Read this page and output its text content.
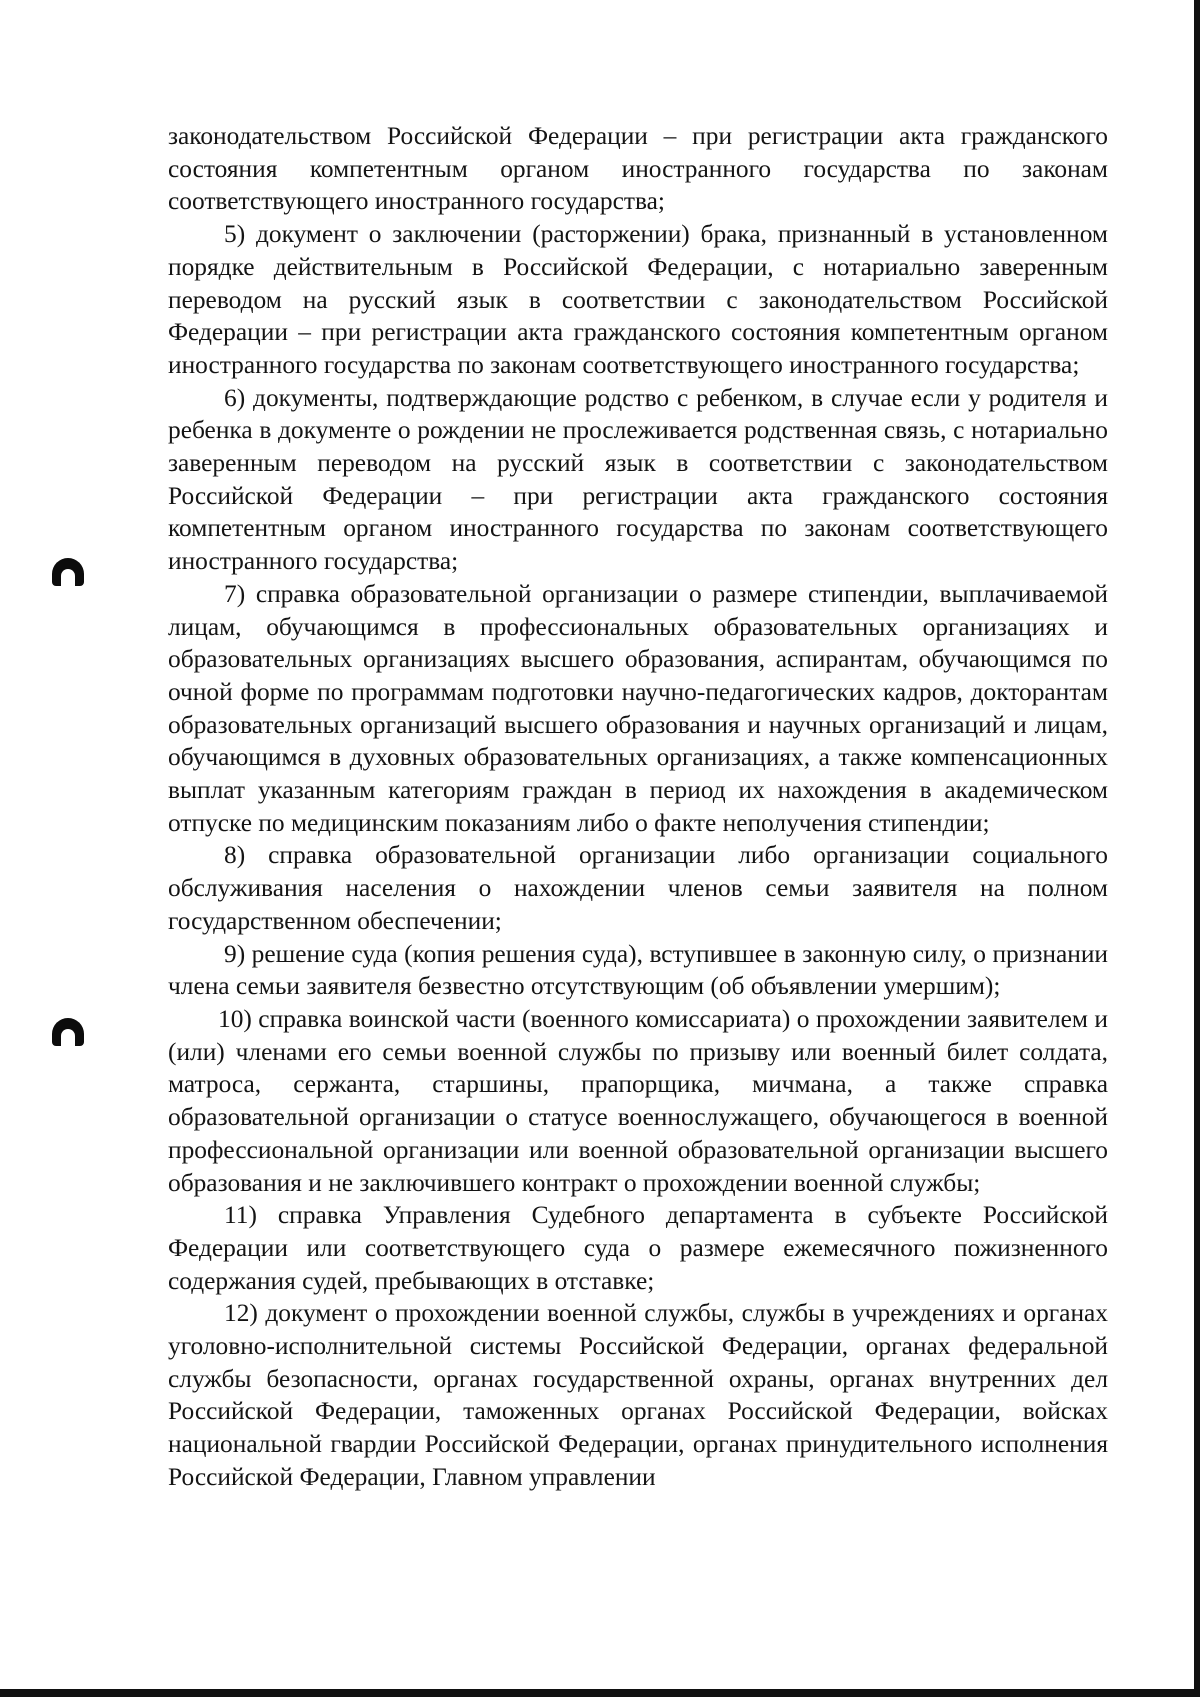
законодательством Российской Федерации – при регистрации акта гражданского состояния компетентным органом иностранного государства по законам соответствующего иностранного государства;

5) документ о заключении (расторжении) брака, признанный в установленном порядке действительным в Российской Федерации, с нотариально заверенным переводом на русский язык в соответствии с законодательством Российской Федерации – при регистрации акта гражданского состояния компетентным органом иностранного государства по законам соответствующего иностранного государства;

6) документы, подтверждающие родство с ребенком, в случае если у родителя и ребенка в документе о рождении не прослеживается родственная связь, с нотариально заверенным переводом на русский язык в соответствии с законодательством Российской Федерации – при регистрации акта гражданского состояния компетентным органом иностранного государства по законам соответствующего иностранного государства;

7) справка образовательной организации о размере стипендии, выплачиваемой лицам, обучающимся в профессиональных образовательных организациях и образовательных организациях высшего образования, аспирантам, обучающимся по очной форме по программам подготовки научно-педагогических кадров, докторантам образовательных организаций высшего образования и научных организаций и лицам, обучающимся в духовных образовательных организациях, а также компенсационных выплат указанным категориям граждан в период их нахождения в академическом отпуске по медицинским показаниям либо о факте неполучения стипендии;

8) справка образовательной организации либо организации социального обслуживания населения о нахождении членов семьи заявителя на полном государственном обеспечении;

9) решение суда (копия решения суда), вступившее в законную силу, о признании члена семьи заявителя безвестно отсутствующим (об объявлении умершим);

10) справка воинской части (военного комиссариата) о прохождении заявителем и (или) членами его семьи военной службы по призыву или военный билет солдата, матроса, сержанта, старшины, прапорщика, мичмана, а также справка образовательной организации о статусе военнослужащего, обучающегося в военной профессиональной организации или военной образовательной организации высшего образования и не заключившего контракт о прохождении военной службы;

11) справка Управления Судебного департамента в субъекте Российской Федерации или соответствующего суда о размере ежемесячного пожизненного содержания судей, пребывающих в отставке;

12) документ о прохождении военной службы, службы в учреждениях и органах уголовно-исполнительной системы Российской Федерации, органах федеральной службы безопасности, органах государственной охраны, органах внутренних дел Российской Федерации, таможенных органах Российской Федерации, войсках национальной гвардии Российской Федерации, органах принудительного исполнения Российской Федерации, Главном управлении
